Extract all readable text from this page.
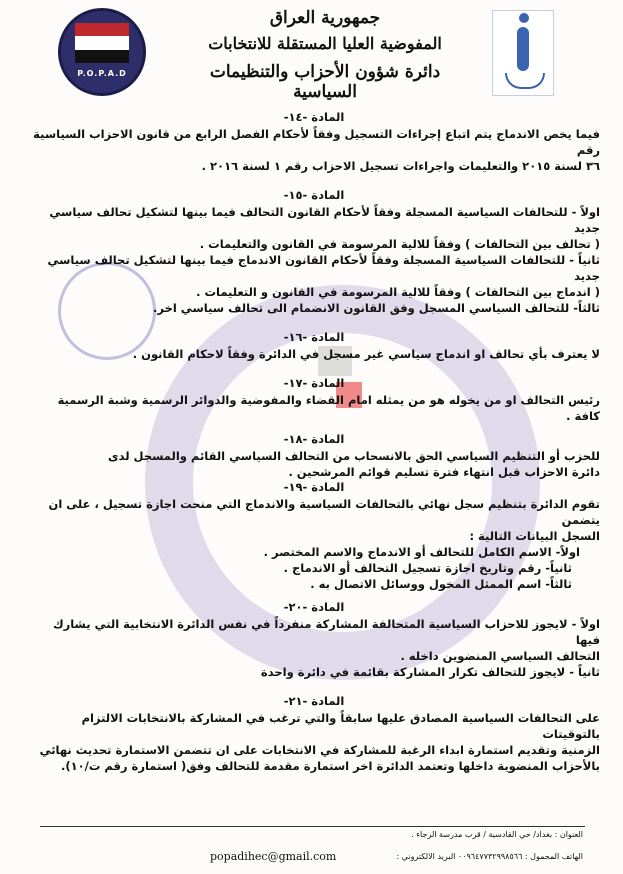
P.O.P.A.D
جمهورية العراق
المفوضية العليا المستقلة للانتخابات
دائرة شؤون الأحزاب والتنظيمات السياسية
المادة -١٤-
فيما يخص الاندماج يتم اتباع إجراءات التسجيل وفقاً لأحكام الفصل الرابع من قانون الاحزاب السياسية رقم
٣٦ لسنة ٢٠١٥ والتعليمات واجراءات تسجيل الاحزاب رقم ١ لسنة ٢٠١٦ .
المادة -١٥-
اولاً - للتحالفات السياسية المسجلة وفقاً لأحكام القانون التحالف فيما بينها لتشكيل تحالف سياسي جديد
( تحالف بين التحالفات ) وفقاً للالية المرسومة في القانون والتعليمات .
ثانياً - للتحالفات السياسية المسجلة وفقاً لأحكام القانون الاندماج فيما بينها لتشكيل تحالف سياسي جديد
( اندماج بين التحالفات ) وفقاً للالية المرسومة في القانون و التعليمات .
ثالثاً- للتحالف السياسي المسجل وفق القانون الانضمام الى تحالف سياسي اخر.
المادة -١٦-
لا يعترف بأي تحالف او اندماج سياسي غير مسجل في الدائرة وفقاً لاحكام القانون .
المادة -١٧-
رئيس التحالف او من يخوله هو من يمثله امام القضاء والمفوضية والدوائر الرسمية وشبة الرسمية
كافة .
المادة -١٨-
للحزب أو التنظيم السياسي الحق بالانسحاب من التحالف السياسي القائم والمسجل لدى
دائرة الاحزاب قبل انتهاء فترة تسليم قوائم المرشحين .
المادة -١٩-
تقوم الدائرة بتنظيم سجل نهائي بالتحالفات السياسية والاندماج التي منحت اجازة تسجيل ، على ان يتضمن
السجل البيانات التالية :
اولاً- الاسم الكامل للتحالف أو الاندماج والاسم المختصر .
ثانياً- رقم وتاريخ اجازة تسجيل التحالف أو الاندماج .
ثالثاً- اسم الممثل المخول ووسائل الاتصال به .
المادة -٢٠-
اولاً - لايجوز للاحزاب السياسية المتحالفة المشاركة منفرداً في نفس الدائرة الانتخابية التي يشارك فيها
التحالف السياسي المنضوين داخله .
ثانياً - لايجوز للتحالف تكرار المشاركة بقائمة في دائرة واحدة
المادة -٢١-
على التحالفات السياسية المصادق عليها سابقاً والتي ترغب في المشاركة بالانتخابات الالتزام بالتوقيتات
الزمنية وتقديم استمارة ابداء الرغبة للمشاركة في الانتخابات على ان تتضمن الاستمارة تحديث نهائي
بالأحزاب المنضوية داخلها وتعتمد الدائرة اخر استمارة مقدمة للتحالف وفق( استمارة رقم ت/١٠).
العنوان : بغداد/ حي القادسية / قرب مدرسة الرجاء .
الهاتف المحمول : ٠٠٩٦٤٧٧٣٢٩٩٨٥٦٦ البريد الالكتروني :
popadihec@gmail.com
